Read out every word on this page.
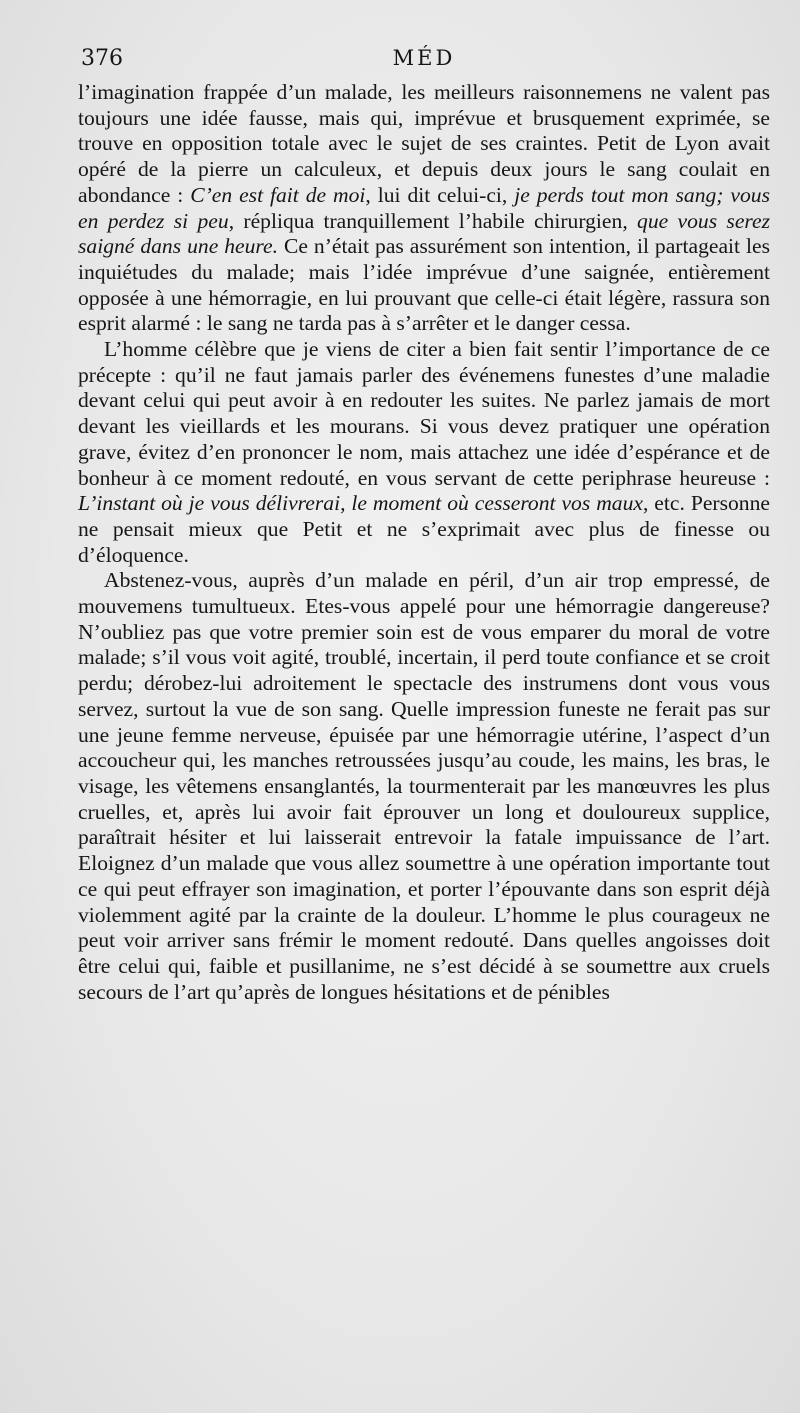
376	MÉD

l’imagination frappée d’un malade, les meilleurs raisonnemens ne valent pas toujours une idée fausse, mais qui, imprévue et brusquement exprimée, se trouve en opposition totale avec le sujet de ses craintes. Petit de Lyon avait opéré de la pierre un calculeux, et depuis deux jours le sang coulait en abondance : C’en est fait de moi, lui dit celui-ci, je perds tout mon sang; vous en perdez si peu, répliqua tranquillement l’habile chirurgien, que vous serez saigné dans une heure. Ce n’était pas assurément son intention, il partageait les inquiétudes du malade; mais l’idée imprévue d’une saignée, entièrement opposée à une hémorragie, en lui prouvant que celle-ci était légère, rassura son esprit alarmé : le sang ne tarda pas à s’arrêter et le danger cessa.

L’homme célèbre que je viens de citer a bien fait sentir l’importance de ce précepte : qu’il ne faut jamais parler des événemens funestes d’une maladie devant celui qui peut avoir à en redouter les suites. Ne parlez jamais de mort devant les vieillards et les mourans. Si vous devez pratiquer une opération grave, évitez d’en prononcer le nom, mais attachez une idée d’espérance et de bonheur à ce moment redouté, en vous servant de cette periphrase heureuse : L’instant où je vous délivrerai, le moment où cesseront vos maux, etc. Personne ne pensait mieux que Petit et ne s’exprimait avec plus de finesse ou d’éloquence.

Abstenez-vous, auprès d’un malade en péril, d’un air trop empressé, de mouvemens tumultueux. Etes-vous appelé pour une hémorragie dangereuse? N’oubliez pas que votre premier soin est de vous emparer du moral de votre malade; s’il vous voit agité, troublé, incertain, il perd toute confiance et se croit perdu; dérobez-lui adroitement le spectacle des instrumens dont vous vous servez, surtout la vue de son sang. Quelle impression funeste ne ferait pas sur une jeune femme nerveuse, épuisée par une hémorragie utérine, l’aspect d’un accoucheur qui, les manches retroussées jusqu’au coude, les mains, les bras, le visage, les vêtemens ensanglantés, la tourmenterait par les manœuvres les plus cruelles, et, après lui avoir fait éprouver un long et douloureux supplice, paraîtrait hésiter et lui laisserait entrevoir la fatale impuissance de l’art. Eloignez d’un malade que vous allez soumettre à une opération importante tout ce qui peut effrayer son imagination, et porter l’épouvante dans son esprit déjà violemment agité par la crainte de la douleur. L’homme le plus courageux ne peut voir arriver sans frémir le moment redouté. Dans quelles angoisses doit être celui qui, faible et pusillanime, ne s’est décidé à se soumettre aux cruels secours de l’art qu’après de longues hésitations et de pénibles
